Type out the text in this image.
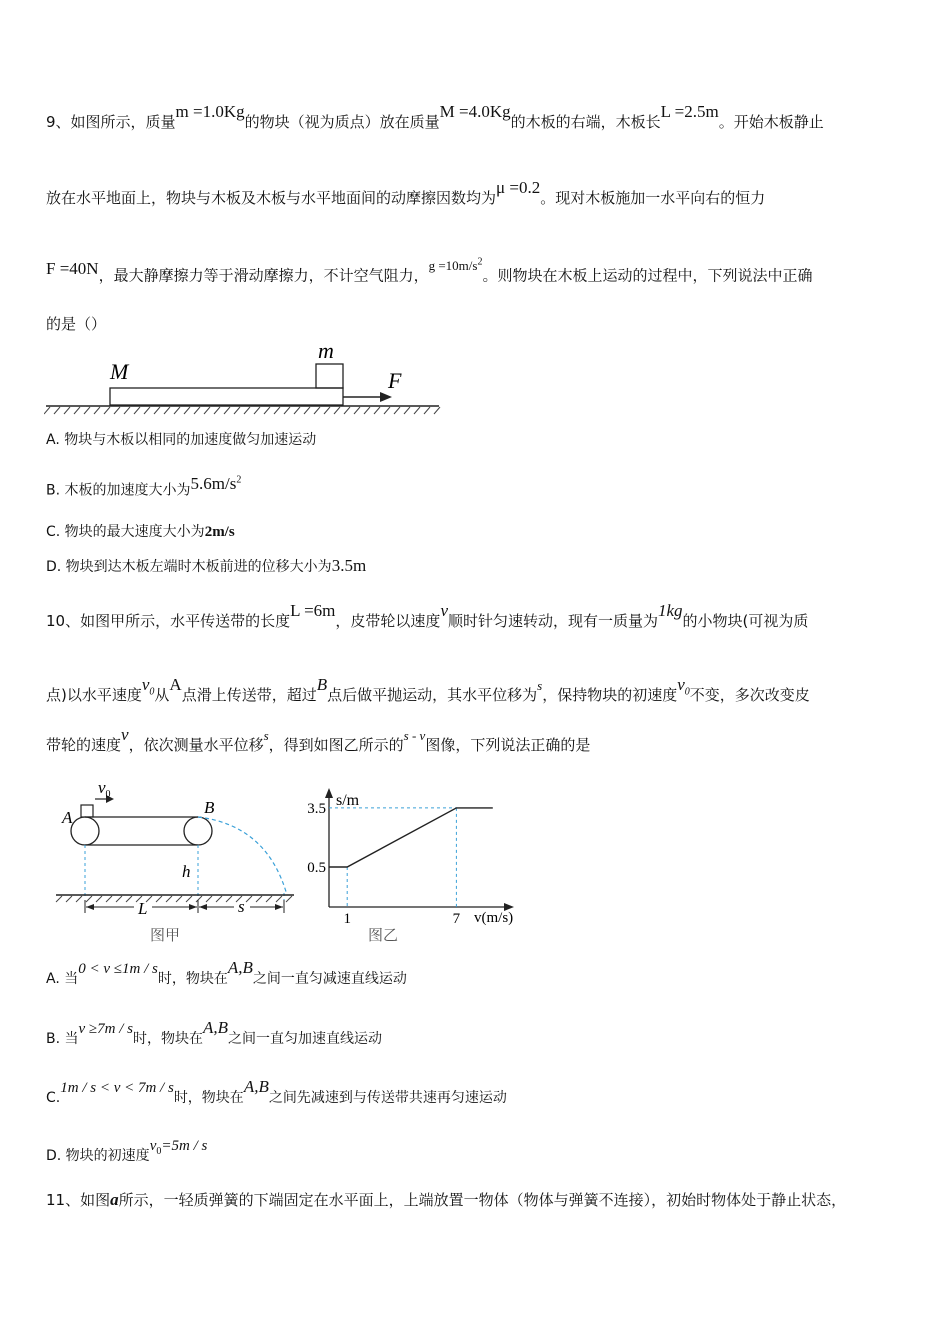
9、如图所示，质量m =1.0Kg的物块（视为质点）放在质量M =4.0Kg的木板的右端，木板长L =2.5m。开始木板静止
放在水平地面上，物块与木板及木板与水平地面间的动摩擦因数均为μ =0.2。现对木板施加一水平向右的恒力
F =40N，最大静摩擦力等于滑动摩擦力，不计空气阻力，$g =10m/s^2$。则物块在木板上运动的过程中，下列说法中正确
的是（）
M
m
F
A. 物块与木板以相同的加速度做匀加速运动
B. 木板的加速度大小为$5.6m/s^2$
C. 物块的最大速度大小为2m/s
D. 物块到达木板左端时木板前进的位移大小为3.5m
10、如图甲所示，水平传送带的长度L =6m，皮带轮以速度v顺时针匀速转动，现有一质量为1kg的小物块(可视为质
点)以水平速度$v_0$从A点滑上传送带，超过B点后做平抛运动，其水平位移为s，保持物块的初速度$v_0$不变，多次改变皮
带轮的速度v，依次测量水平位移s，得到如图乙所示的s - v图像，下列说法正确的是
$v_0$
A
B
h
L	s
图甲
s/m
v(m/s)
3.5
0.5
1	7
图乙
A. 当0 < v ≤1m / s时，物块在A,B之间一直匀减速直线运动
B. 当v ≥7m / s时，物块在A,B之间一直匀加速直线运动
C.1m / s < v < 7m / s时，物块在A,B之间先减速到与传送带共速再匀速运动
D. 物块的初速度$v_0=5m / s$
11、如图a所示，一轻质弹簧的下端固定在水平面上，上端放置一物体（物体与弹簧不连接），初始时物体处于静止状态，
